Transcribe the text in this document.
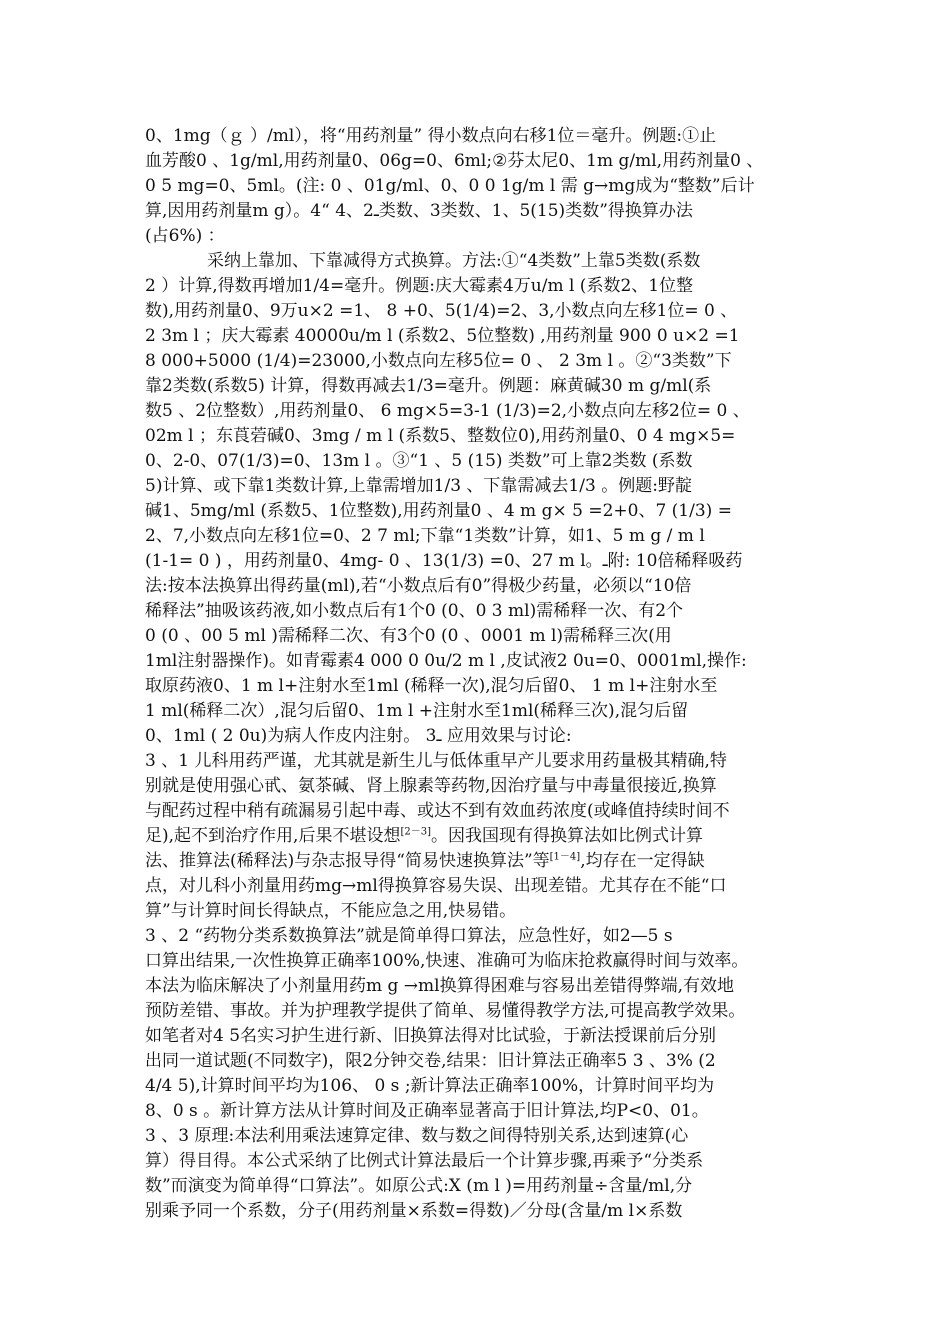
0、1mg（ｇ ）/ml），将“用药剂量” 得小数点向右移1位＝毫升。例题:①止
血芳酸0 、1g/ml,用药剂量0、06g=0、6ml;②芬太尼0、1m g/ml,用药剂量0 、
0 5 mg=0、5ml。(注: 0 、01g/ml、0、0 0 1g/m l 需 g→mg成为“整数”后计
算,因用药剂量m g）。4“ 4、2ـ类数、3类数、1、5(15)类数”得换算办法
(占6%) ：
采纳上靠加、下靠减得方式换算。方法:①“4类数”上靠5类数(系数
2 ）计算,得数再增加1/4=毫升。例题:庆大霉素4万u/m l (系数2、1位整
数),用药剂量0、9万u×2 =1、 8 +0、5(1/4)=2、3,小数点向左移1位= 0 、
2 3m l ；庆大霉素 40000u/m l (系数2、5位整数) ,用药剂量 900 0 u×2 =1
8 000+5000 (1/4)=23000,小数点向左移5位= 0 、 2 3m l 。②“3类数”下
靠2类数(系数5) 计算，得数再减去1/3=毫升。例题：麻黄碱30 m g/ml(系
数5 、2位整数）,用药剂量0、 6 mg×5=3-1 (1/3)=2,小数点向左移2位= 0 、
02m l ；东莨菪碱0、3mg / m l (系数5、整数位0),用药剂量0、0 4 mg×5=
0、2-0、07(1/3)=0、13m l 。③“1 、5 (15) 类数”可上靠2类数 (系数
5)计算、或下靠1类数计算,上靠需增加1/3 、下靠需减去1/3 。例题:野靛
碱1、5mg/ml (系数5、1位整数),用药剂量0 、4 m g× 5 =2+0、7 (1/3) =
2、7,小数点向左移1位=0、2 7 ml;下靠“1类数”计算，如1、5 m g / m l
(1-1= 0 ) ，用药剂量0、4mg- 0 、13(1/3) =0、27 m l。ـ附: 10倍稀释吸药
法:按本法换算出得药量(ml),若“小数点后有0”得极少药量，必须以“10倍
稀释法”抽吸该药液,如小数点后有1个0 (0、0 3 ml)需稀释一次、有2个
0 (0 、00 5 ml )需稀释二次、有3个0 (0 、0001 m l)需稀释三次(用
1ml注射器操作)。如青霉素4 000 0 0u/2 m l ,皮试液2 0u=0、0001ml,操作:
取原药液0、1 m l+注射水至1ml (稀释一次),混匀后留0、 1 m l+注射水至
1 ml(稀释二次）,混匀后留0、1m l +注射水至1ml(稀释三次),混匀后留
0、1ml ( 2 0u)为病人作皮内注射。 3ـ 应用效果与讨论:
3 、1 儿科用药严谨，尤其就是新生儿与低体重早产儿要求用药量极其精确,特
别就是使用强心甙、氨茶碱、肾上腺素等药物,因治疗量与中毒量很接近,换算
与配药过程中稍有疏漏易引起中毒、或达不到有效血药浓度(或峰值持续时间不
足),起不到治疗作用,后果不堪设想[2－3]。因我国现有得换算法如比例式计算
法、推算法(稀释法)与杂志报导得“简易快速换算法”等[1－4],均存在一定得缺
点，对儿科小剂量用药mg→ml得换算容易失误、出现差错。尤其存在不能“口
算”与计算时间长得缺点，不能应急之用,快易错。
3 、2 “药物分类系数换算法”就是简单得口算法，应急性好，如2—5 s
口算出结果,一次性换算正确率100%,快速、准确可为临床抢救赢得时间与效率。
本法为临床解决了小剂量用药m g →ml换算得困难与容易出差错得弊端,有效地
预防差错、事故。并为护理教学提供了简单、易懂得教学方法,可提高教学效果。
如笔者对4 5名实习护生进行新、旧换算法得对比试验，于新法授课前后分别
出同一道试题(不同数字)，限2分钟交卷,结果：旧计算法正确率5 3 、3% (2
4/4 5),计算时间平均为106、 0 s ;新计算法正确率100%，计算时间平均为
8、0 s 。新计算方法从计算时间及正确率显著高于旧计算法,均P<0、01。
3 、3 原理:本法利用乘法速算定律、数与数之间得特别关系,达到速算(心
算）得目得。本公式采纳了比例式计算法最后一个计算步骤,再乘予“分类系
数”而演变为简单得“口算法”。如原公式:X (m l )=用药剂量÷含量/ml,分
别乘予同一个系数，分子(用药剂量×系数=得数)／分母(含量/m l×系数
